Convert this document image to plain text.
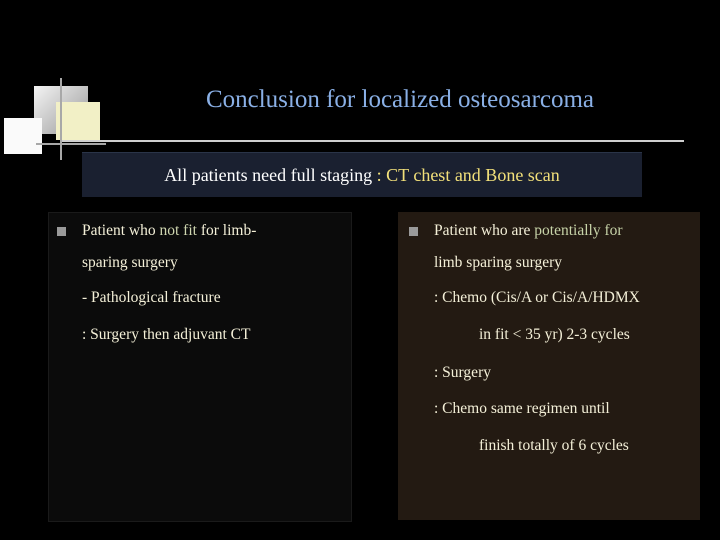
Conclusion for localized osteosarcoma
All patients need full staging : CT chest and Bone scan
Patient who not fit for limb-
sparing surgery
- Pathological fracture
: Surgery then adjuvant CT
Patient who are potentially for
limb sparing surgery
: Chemo (Cis/A or Cis/A/HDMX
in fit < 35 yr) 2-3 cycles
: Surgery
: Chemo same regimen until
finish totally of 6 cycles
